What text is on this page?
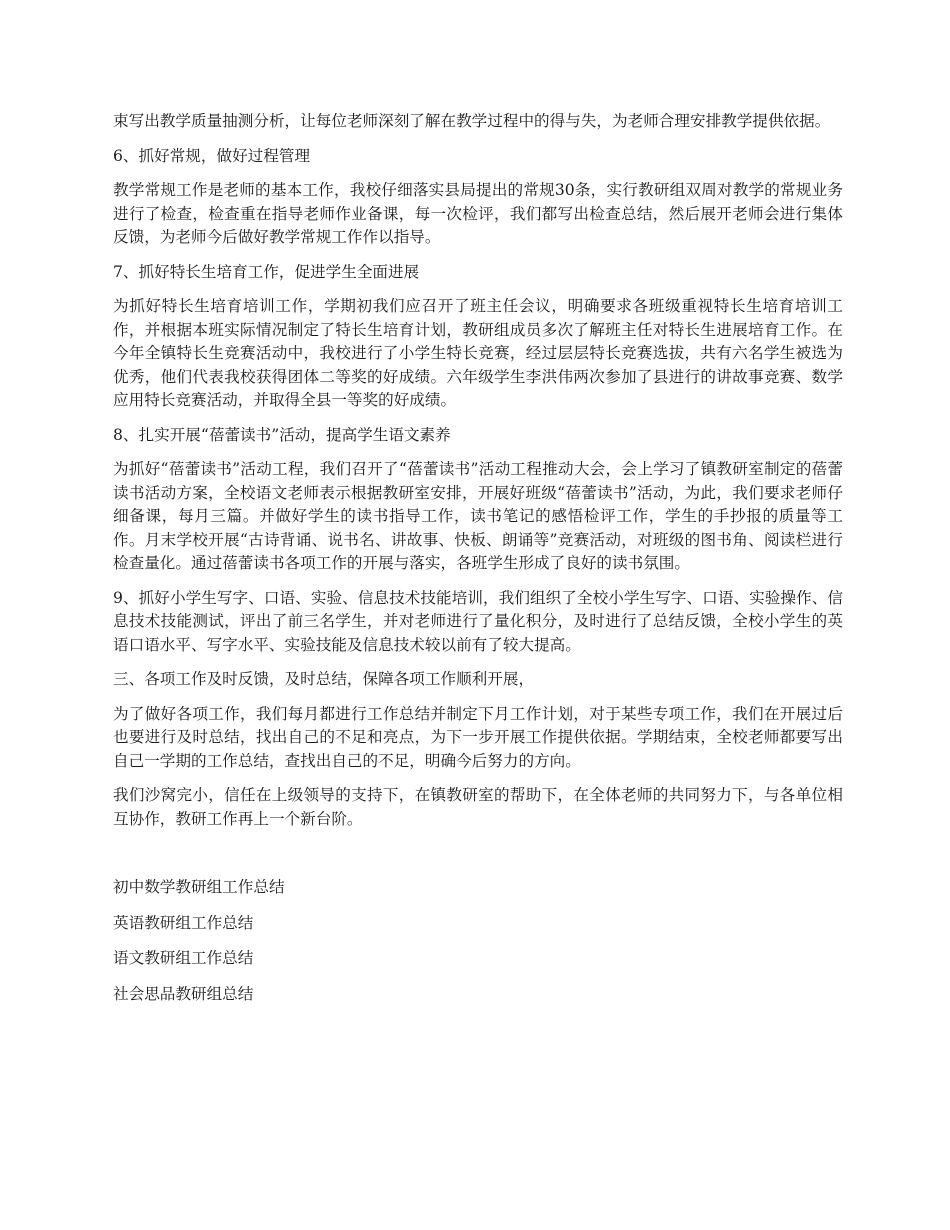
束写出教学质量抽测分析，让每位老师深刻了解在教学过程中的得与失，为老师合理安排教学提供依据。

6、抓好常规，做好过程管理

教学常规工作是老师的基本工作，我校仔细落实县局提出的常规30条，实行教研组双周对教学的常规业务进行了检查，检查重在指导老师作业备课，每一次检评，我们都写出检查总结，然后展开老师会进行集体反馈，为老师今后做好教学常规工作作以指导。

7、抓好特长生培育工作，促进学生全面进展

为抓好特长生培育培训工作，学期初我们应召开了班主任会议，明确要求各班级重视特长生培育培训工作，并根据本班实际情况制定了特长生培育计划，教研组成员多次了解班主任对特长生进展培育工作。在今年全镇特长生竞赛活动中，我校进行了小学生特长竞赛，经过层层特长竞赛选拔，共有六名学生被选为优秀，他们代表我校获得团体二等奖的好成绩。六年级学生李洪伟两次参加了县进行的讲故事竞赛、数学应用特长竞赛活动，并取得全县一等奖的好成绩。

8、扎实开展“蓓蕾读书”活动，提高学生语文素养

为抓好“蓓蕾读书”活动工程，我们召开了“蓓蕾读书”活动工程推动大会，会上学习了镇教研室制定的蓓蕾读书活动方案，全校语文老师表示根据教研室安排，开展好班级“蓓蕾读书”活动，为此，我们要求老师仔细备课，每月三篇。并做好学生的读书指导工作，读书笔记的感悟检评工作，学生的手抄报的质量等工作。月末学校开展“古诗背诵、说书名、讲故事、快板、朗诵等”竞赛活动，对班级的图书角、阅读栏进行检查量化。通过蓓蕾读书各项工作的开展与落实，各班学生形成了良好的读书氛围。

9、抓好小学生写字、口语、实验、信息技术技能培训，我们组织了全校小学生写字、口语、实验操作、信息技术技能测试，评出了前三名学生，并对老师进行了量化积分，及时进行了总结反馈，全校小学生的英语口语水平、写字水平、实验技能及信息技术较以前有了较大提高。

三、各项工作及时反馈，及时总结，保障各项工作顺利开展，

为了做好各项工作，我们每月都进行工作总结并制定下月工作计划，对于某些专项工作，我们在开展过后也要进行及时总结，找出自己的不足和亮点，为下一步开展工作提供依据。学期结束，全校老师都要写出自己一学期的工作总结，查找出自己的不足，明确今后努力的方向。

我们沙窝完小，信任在上级领导的支持下，在镇教研室的帮助下，在全体老师的共同努力下，与各单位相互协作，教研工作再上一个新台阶。

初中数学教研组工作总结

英语教研组工作总结

语文教研组工作总结

社会思品教研组总结
